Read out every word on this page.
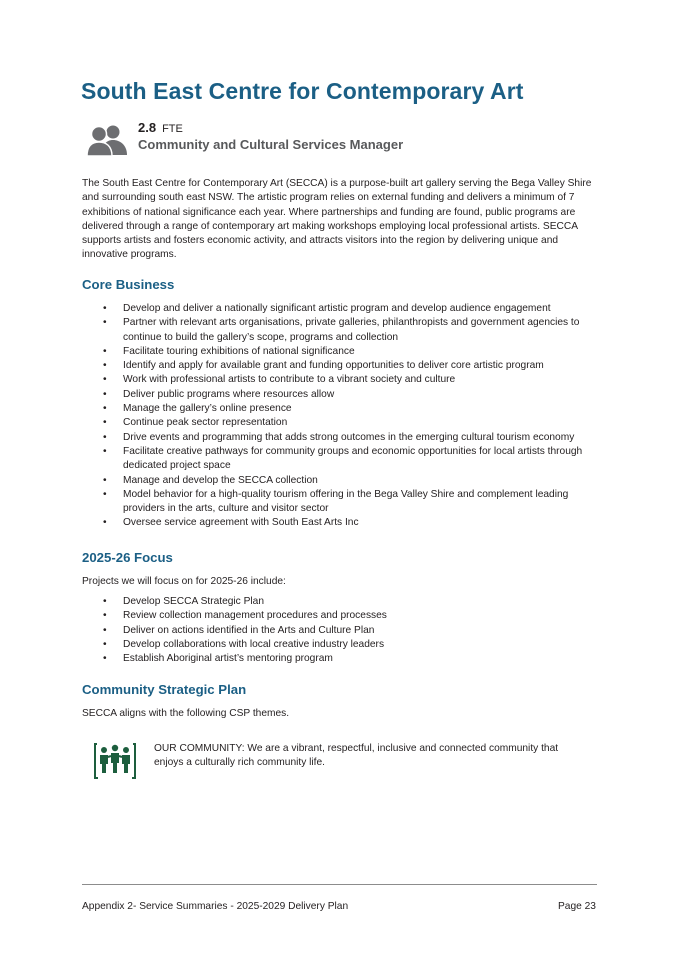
South East Centre for Contemporary Art
2.8 FTE
Community and Cultural Services Manager

The South East Centre for Contemporary Art (SECCA) is a purpose-built art gallery serving the Bega Valley Shire and surrounding south east NSW. The artistic program relies on external funding and delivers a minimum of 7 exhibitions of national significance each year. Where partnerships and funding are found, public programs are delivered through a range of contemporary art making workshops employing local professional artists. SECCA supports artists and fosters economic activity, and attracts visitors into the region by delivering unique and innovative programs.

Core Business
• Develop and deliver a nationally significant artistic program and develop audience engagement
• Partner with relevant arts organisations, private galleries, philanthropists and government agencies to continue to build the gallery’s scope, programs and collection
• Facilitate touring exhibitions of national significance
• Identify and apply for available grant and funding opportunities to deliver core artistic program
• Work with professional artists to contribute to a vibrant society and culture
• Deliver public programs where resources allow
• Manage the gallery’s online presence
• Continue peak sector representation
• Drive events and programming that adds strong outcomes in the emerging cultural tourism economy
• Facilitate creative pathways for community groups and economic opportunities for local artists through dedicated project space
• Manage and develop the SECCA collection
• Model behavior for a high-quality tourism offering in the Bega Valley Shire and complement leading providers in the arts, culture and visitor sector
• Oversee service agreement with South East Arts Inc
2025-26 Focus

Projects we will focus on for 2025-26 include:

• Develop SECCA Strategic Plan
• Review collection management procedures and processes
• Deliver on actions identified in the Arts and Culture Plan
• Develop collaborations with local creative industry leaders
• Establish Aboriginal artist’s mentoring program
Community Strategic Plan

SECCA aligns with the following CSP themes.

OUR COMMUNITY: We are a vibrant, respectful, inclusive and connected community that enjoys a culturally rich community life.

Appendix 2- Service Summaries - 2025-2029 Delivery Plan	Page 23
